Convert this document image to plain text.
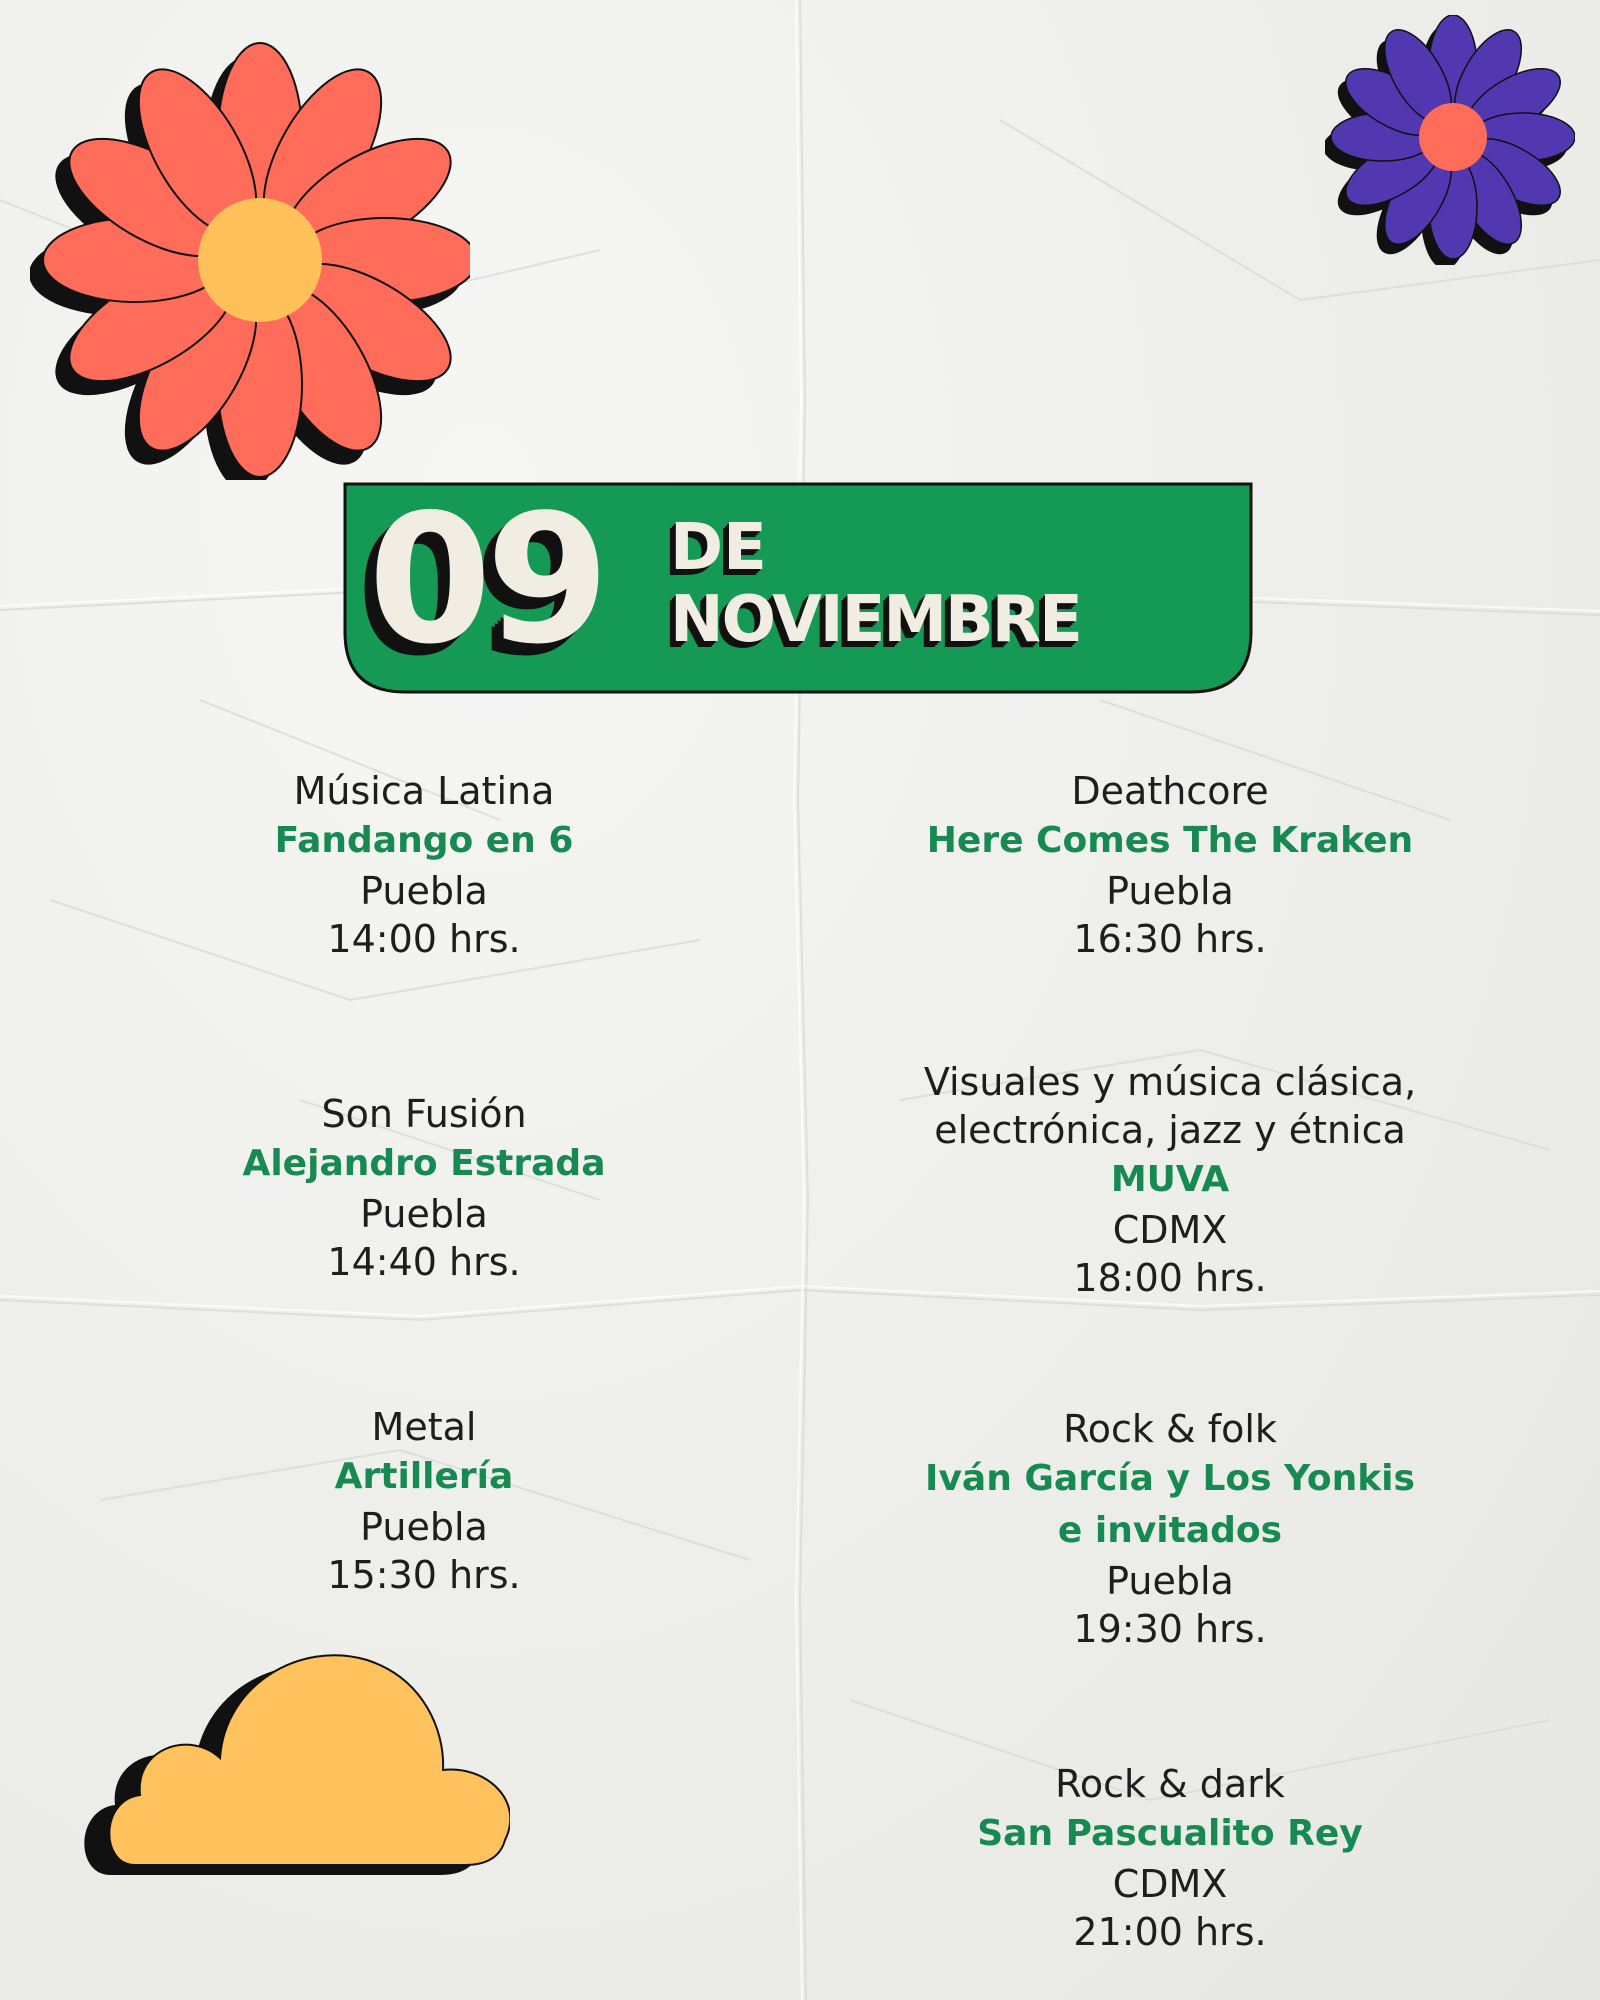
09 DE
NOVIEMBRE
Música Latina
Fandango en 6
Puebla
14:00 hrs.
Son Fusión
Alejandro Estrada
Puebla
14:40 hrs.
Metal
Artillería
Puebla
15:30 hrs.
Deathcore
Here Comes The Kraken
Puebla
16:30 hrs.
Visuales y música clásica,
electrónica, jazz y étnica
MUVA
CDMX
18:00 hrs.
Rock & folk
Iván García y Los Yonkis
e invitados
Puebla
19:30 hrs.
Rock & dark
San Pascualito Rey
CDMX
21:00 hrs.
